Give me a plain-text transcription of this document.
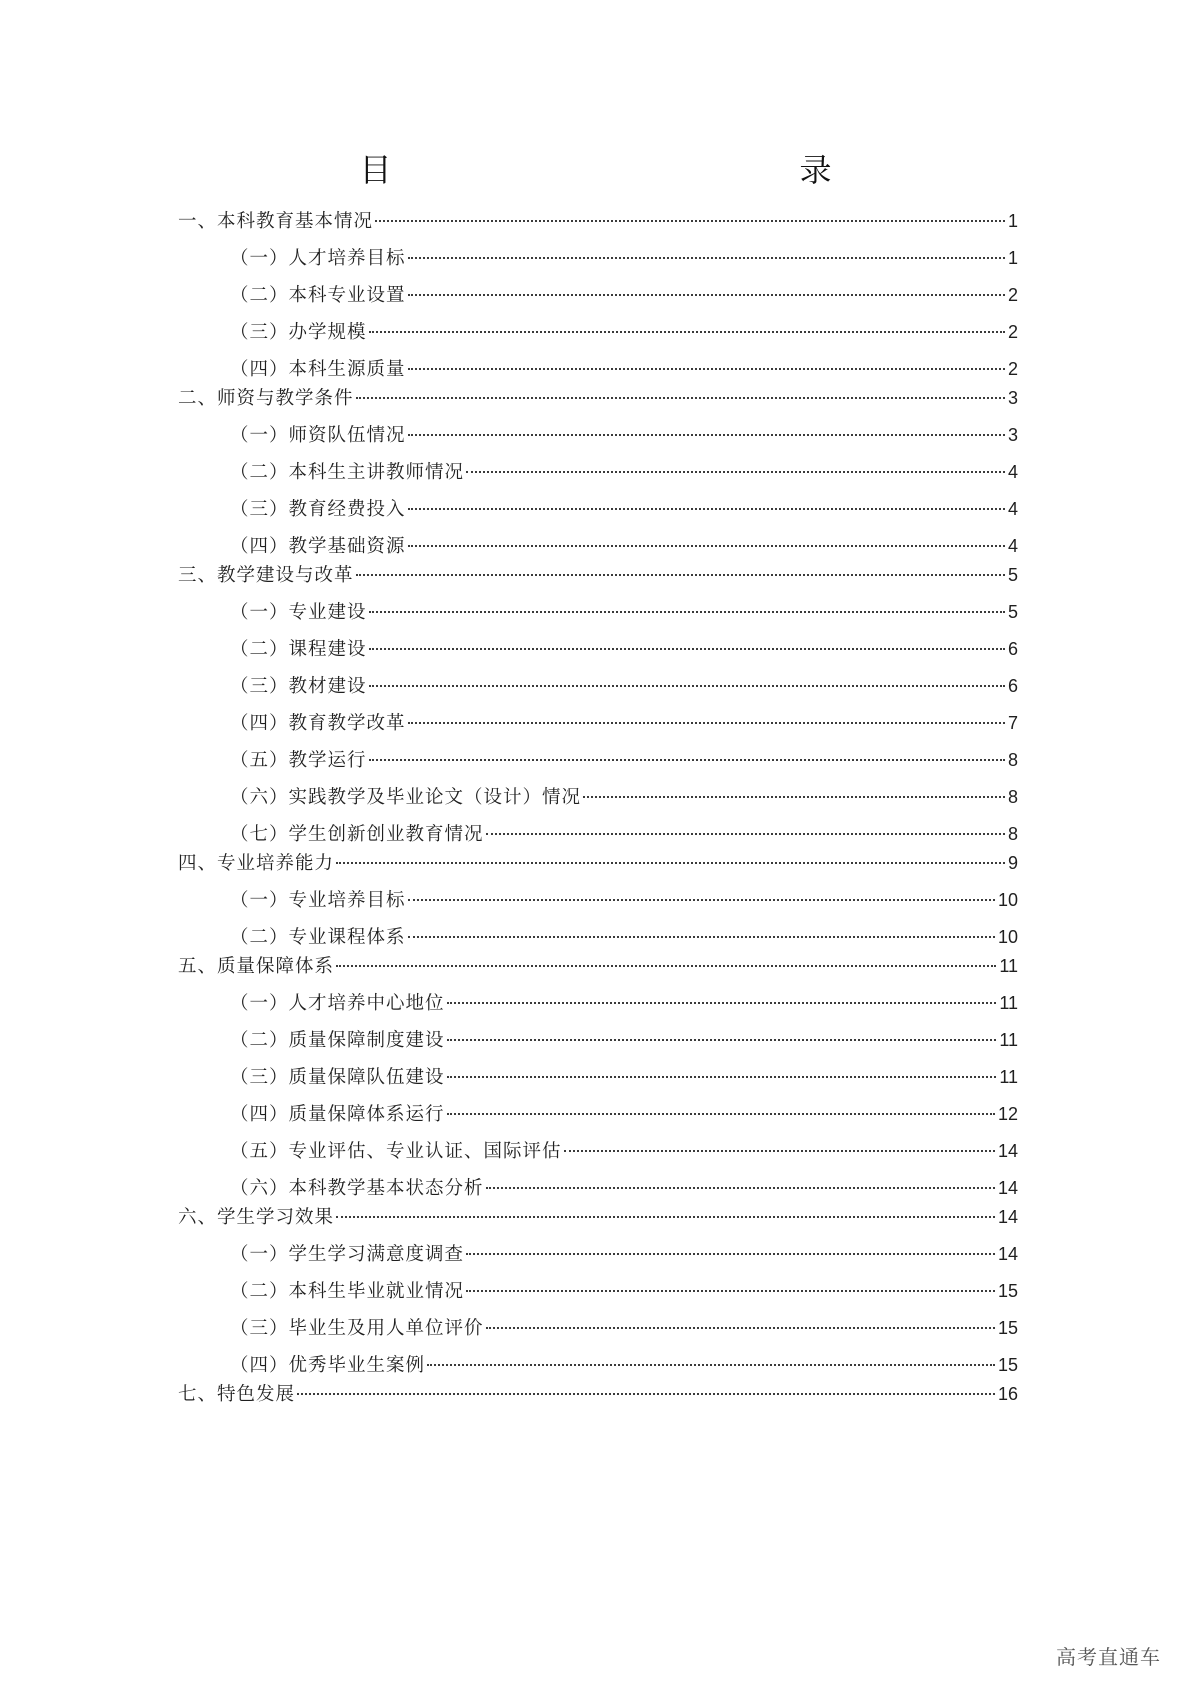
目　　　录
一、本科教育基本情况	1
（一）人才培养目标	1
（二）本科专业设置	2
（三）办学规模	2
（四）本科生源质量	2
二、师资与教学条件	3
（一）师资队伍情况	3
（二）本科生主讲教师情况	4
（三）教育经费投入	4
（四）教学基础资源	4
三、教学建设与改革	5
（一）专业建设	5
（二）课程建设	6
（三）教材建设	6
（四）教育教学改革	7
（五）教学运行	8
（六）实践教学及毕业论文（设计）情况	8
（七）学生创新创业教育情况	8
四、专业培养能力	9
（一）专业培养目标	10
（二）专业课程体系	10
五、质量保障体系	11
（一）人才培养中心地位	11
（二）质量保障制度建设	11
（三）质量保障队伍建设	11
（四）质量保障体系运行	12
（五）专业评估、专业认证、国际评估	14
（六）本科教学基本状态分析	14
六、学生学习效果	14
（一）学生学习满意度调查	14
（二）本科生毕业就业情况	15
（三）毕业生及用人单位评价	15
（四）优秀毕业生案例	15
七、特色发展	16
高考直通车
